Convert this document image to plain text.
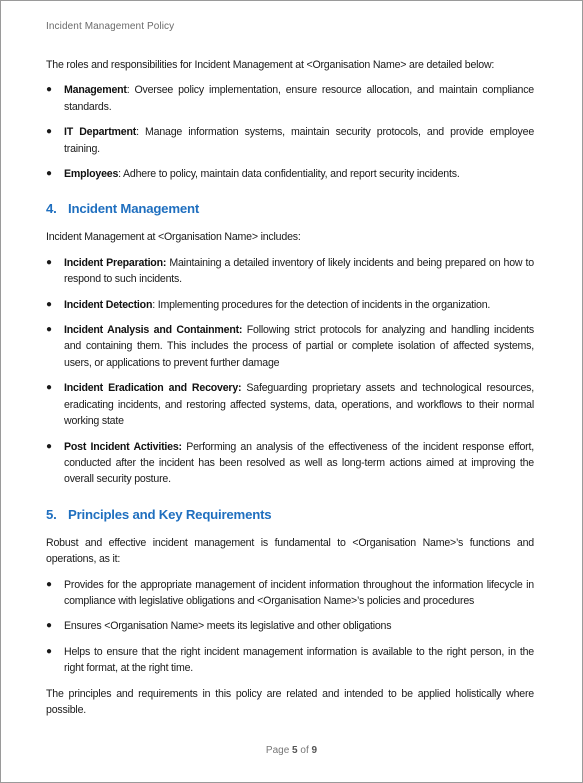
Incident Management Policy

The roles and responsibilities for Incident Management at <Organisation Name> are detailed below:

●	Management: Oversee policy implementation, ensure resource allocation, and maintain compliance standards.
●	IT Department: Manage information systems, maintain security protocols, and provide employee training.
●	Employees: Adhere to policy, maintain data confidentiality, and report security incidents.
4. Incident Management

Incident Management at <Organisation Name> includes:

●	Incident Preparation: Maintaining a detailed inventory of likely incidents and being prepared on how to respond to such incidents.
●	Incident Detection: Implementing procedures for the detection of incidents in the organization.
●	Incident Analysis and Containment: Following strict protocols for analyzing and handling incidents and containing them. This includes the process of partial or complete isolation of affected systems, users, or applications to prevent further damage
●	Incident Eradication and Recovery: Safeguarding proprietary assets and technological resources, eradicating incidents, and restoring affected systems, data, operations, and workflows to their normal working state
●	Post Incident Activities: Performing an analysis of the effectiveness of the incident response effort, conducted after the incident has been resolved as well as long-term actions aimed at improving the overall security posture.
5. Principles and Key Requirements

Robust and effective incident management is fundamental to <Organisation Name>’s functions and operations, as it:

●	Provides for the appropriate management of incident information throughout the information lifecycle in compliance with legislative obligations and <Organisation Name>’s policies and procedures
●	Ensures <Organisation Name> meets its legislative and other obligations
●	Helps to ensure that the right incident management information is available to the right person, in the right format, at the right time.

The principles and requirements in this policy are related and intended to be applied holistically where possible.

Page 5 of 9
